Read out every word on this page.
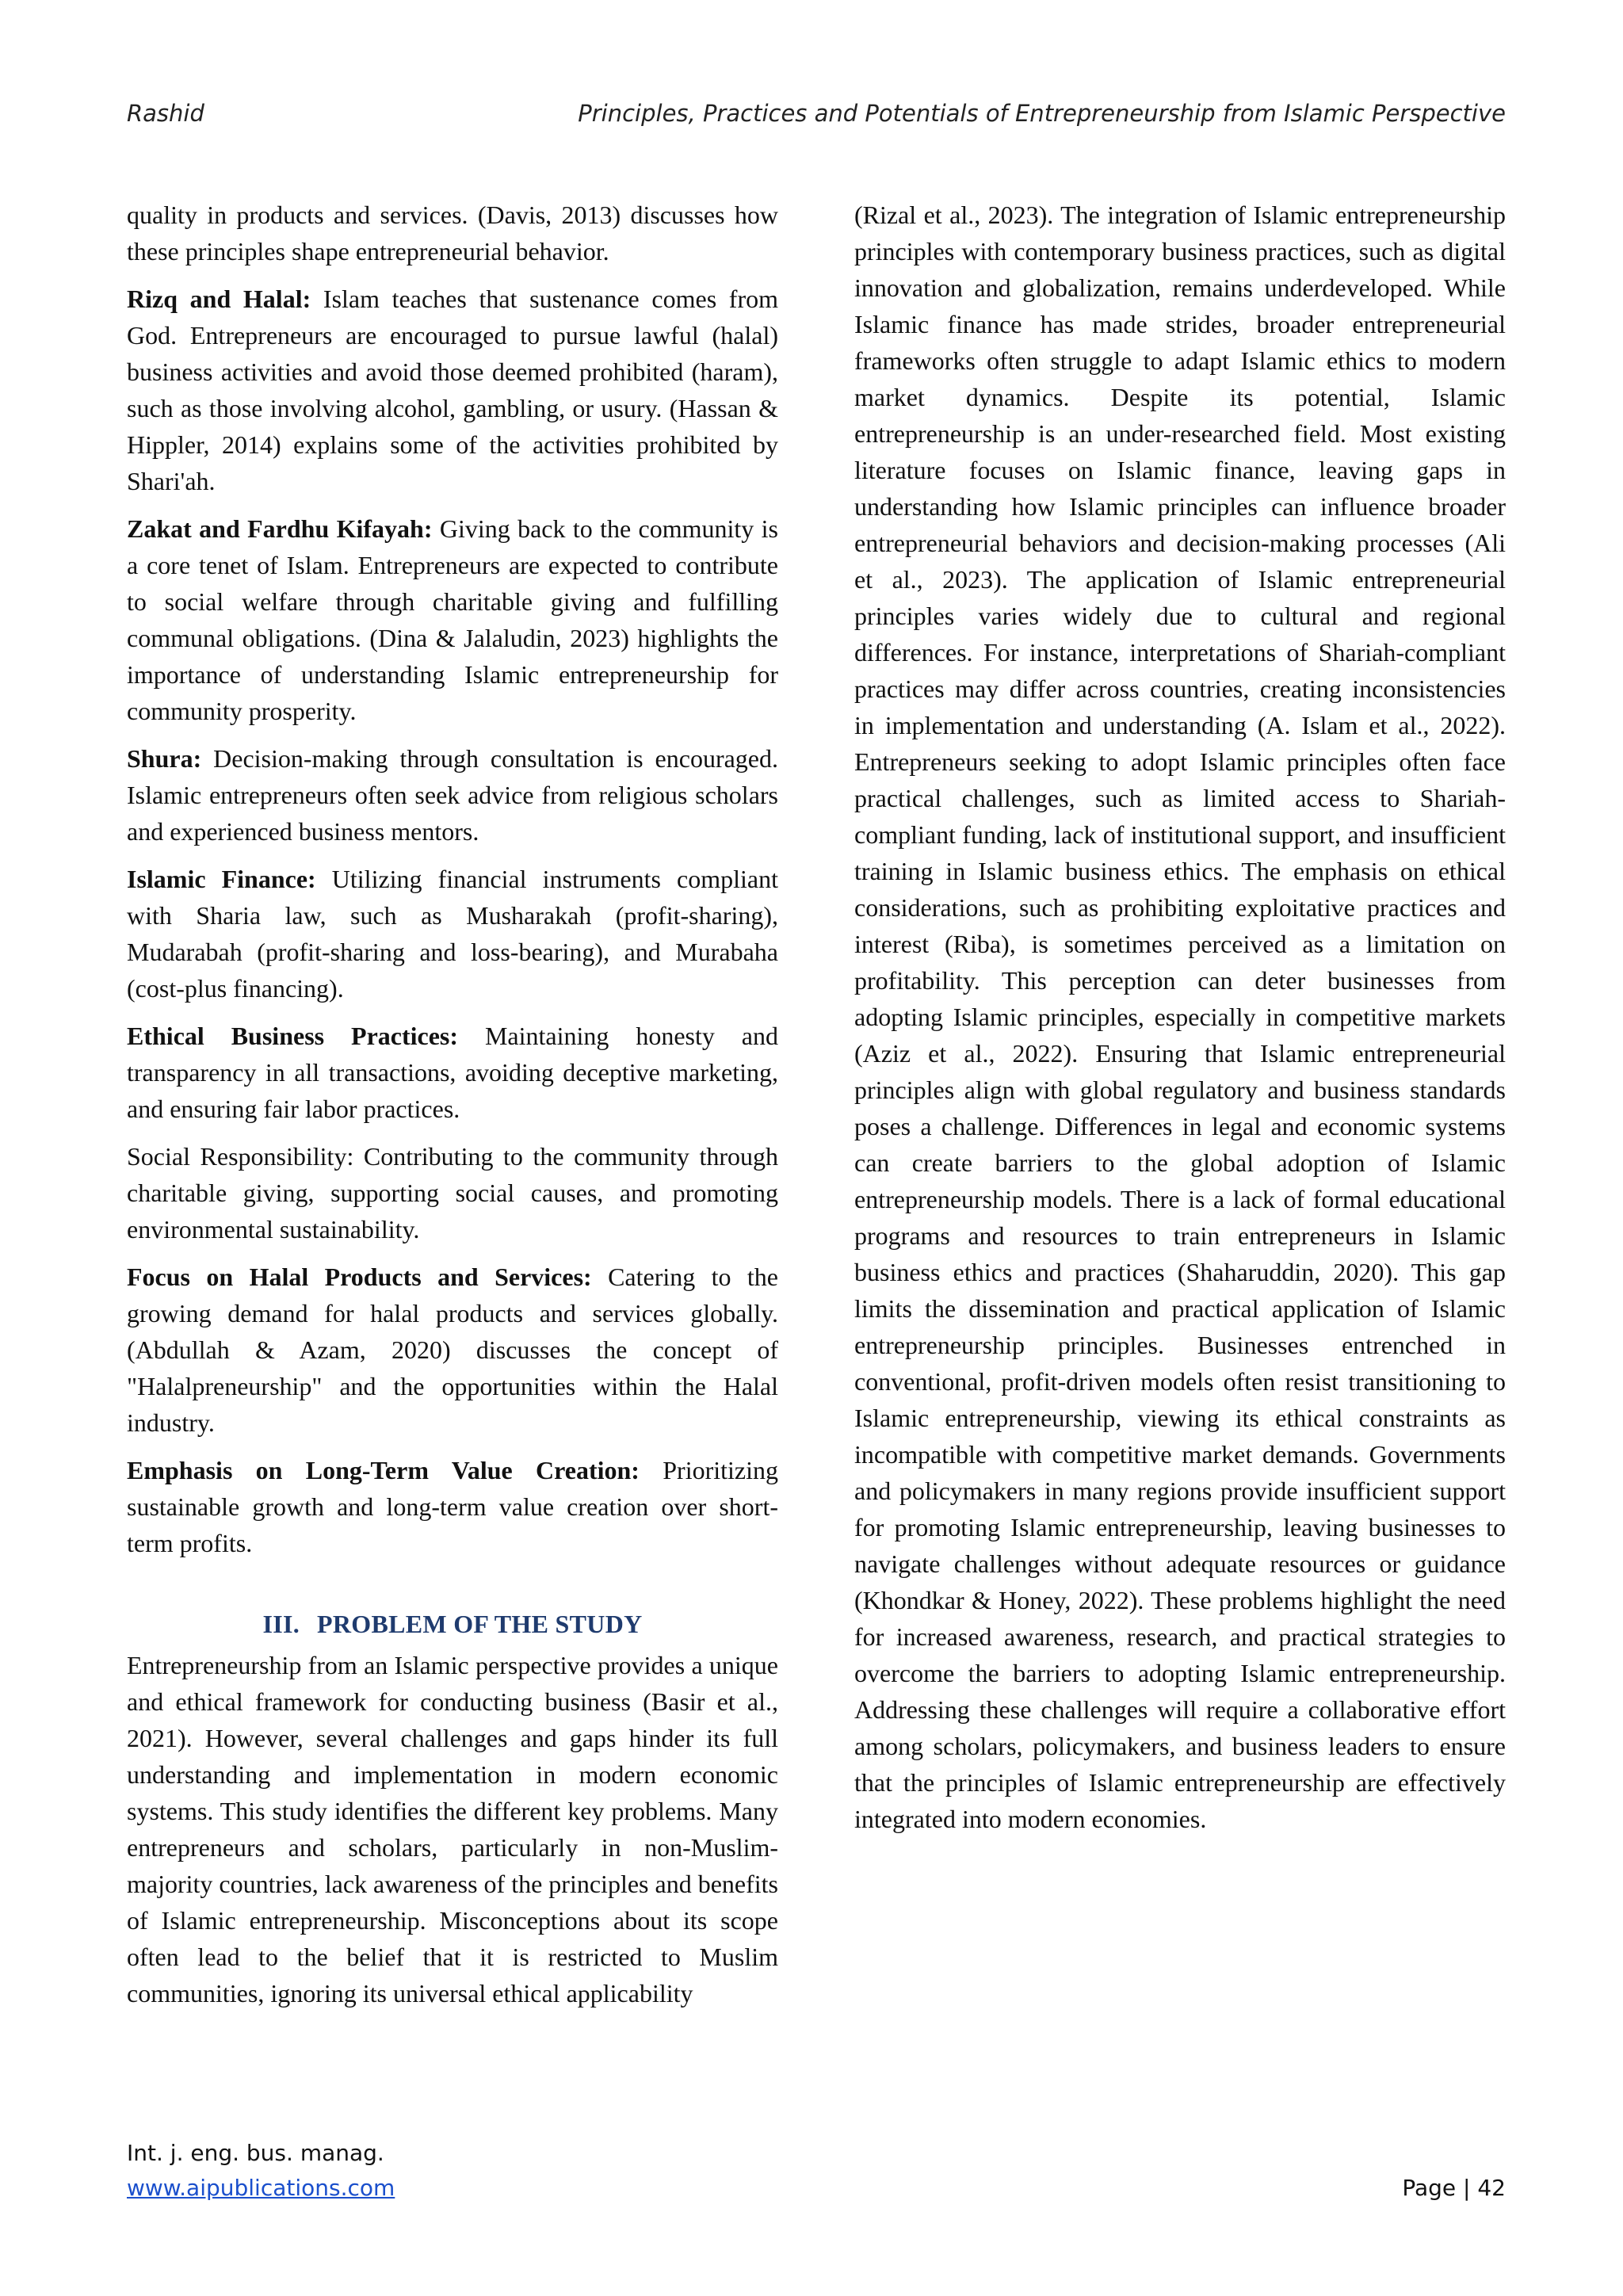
Rashid	Principles, Practices and Potentials of Entrepreneurship from Islamic Perspective

quality in products and services. (Davis, 2013) discusses how these principles shape entrepreneurial behavior.

Rizq and Halal: Islam teaches that sustenance comes from God. Entrepreneurs are encouraged to pursue lawful (halal) business activities and avoid those deemed prohibited (haram), such as those involving alcohol, gambling, or usury. (Hassan & Hippler, 2014) explains some of the activities prohibited by Shari'ah.

Zakat and Fardhu Kifayah: Giving back to the community is a core tenet of Islam. Entrepreneurs are expected to contribute to social welfare through charitable giving and fulfilling communal obligations. (Dina & Jalaludin, 2023) highlights the importance of understanding Islamic entrepreneurship for community prosperity.

Shura: Decision-making through consultation is encouraged. Islamic entrepreneurs often seek advice from religious scholars and experienced business mentors.

Islamic Finance: Utilizing financial instruments compliant with Sharia law, such as Musharakah (profit-sharing), Mudarabah (profit-sharing and loss-bearing), and Murabaha (cost-plus financing).

Ethical Business Practices: Maintaining honesty and transparency in all transactions, avoiding deceptive marketing, and ensuring fair labor practices.

Social Responsibility: Contributing to the community through charitable giving, supporting social causes, and promoting environmental sustainability.

Focus on Halal Products and Services: Catering to the growing demand for halal products and services globally. (Abdullah & Azam, 2020) discusses the concept of "Halalpreneurship" and the opportunities within the Halal industry.

Emphasis on Long-Term Value Creation: Prioritizing sustainable growth and long-term value creation over short-term profits.

III. PROBLEM OF THE STUDY

Entrepreneurship from an Islamic perspective provides a unique and ethical framework for conducting business (Basir et al., 2021). However, several challenges and gaps hinder its full understanding and implementation in modern economic systems. This study identifies the different key problems. Many entrepreneurs and scholars, particularly in non-Muslim-majority countries, lack awareness of the principles and benefits of Islamic entrepreneurship. Misconceptions about its scope often lead to the belief that it is restricted to Muslim communities, ignoring its universal ethical applicability

(Rizal et al., 2023). The integration of Islamic entrepreneurship principles with contemporary business practices, such as digital innovation and globalization, remains underdeveloped. While Islamic finance has made strides, broader entrepreneurial frameworks often struggle to adapt Islamic ethics to modern market dynamics. Despite its potential, Islamic entrepreneurship is an under-researched field. Most existing literature focuses on Islamic finance, leaving gaps in understanding how Islamic principles can influence broader entrepreneurial behaviors and decision-making processes (Ali et al., 2023). The application of Islamic entrepreneurial principles varies widely due to cultural and regional differences. For instance, interpretations of Shariah-compliant practices may differ across countries, creating inconsistencies in implementation and understanding (A. Islam et al., 2022). Entrepreneurs seeking to adopt Islamic principles often face practical challenges, such as limited access to Shariah-compliant funding, lack of institutional support, and insufficient training in Islamic business ethics. The emphasis on ethical considerations, such as prohibiting exploitative practices and interest (Riba), is sometimes perceived as a limitation on profitability. This perception can deter businesses from adopting Islamic principles, especially in competitive markets (Aziz et al., 2022). Ensuring that Islamic entrepreneurial principles align with global regulatory and business standards poses a challenge. Differences in legal and economic systems can create barriers to the global adoption of Islamic entrepreneurship models. There is a lack of formal educational programs and resources to train entrepreneurs in Islamic business ethics and practices (Shaharuddin, 2020). This gap limits the dissemination and practical application of Islamic entrepreneurship principles. Businesses entrenched in conventional, profit-driven models often resist transitioning to Islamic entrepreneurship, viewing its ethical constraints as incompatible with competitive market demands. Governments and policymakers in many regions provide insufficient support for promoting Islamic entrepreneurship, leaving businesses to navigate challenges without adequate resources or guidance (Khondkar & Honey, 2022). These problems highlight the need for increased awareness, research, and practical strategies to overcome the barriers to adopting Islamic entrepreneurship. Addressing these challenges will require a collaborative effort among scholars, policymakers, and business leaders to ensure that the principles of Islamic entrepreneurship are effectively integrated into modern economies.

Int. j. eng. bus. manag.
www.aipublications.com	Page | 42
